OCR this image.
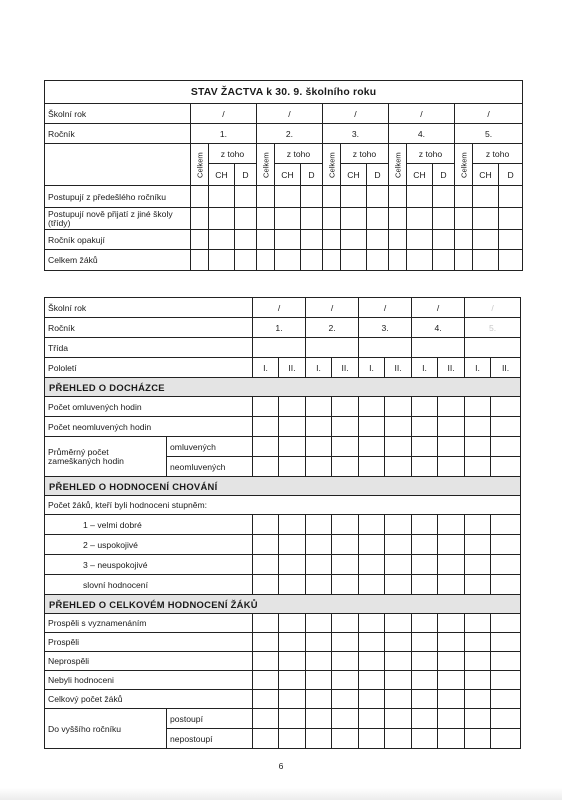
STAV ŽACTVA k 30. 9. školního roku															
Školní rok	/			/			/			/			/		
Ročník	1.			2.			3.			4.			5.		

Celkem	z toho		Celkem	z toho		Celkem	z toho		Celkem	z toho		Celkem	z toho	
		CH	D		CH	D		CH	D		CH	D		CH	D
Postupují z předešlého ročníku															
Postupují nově přijatí z jiné školy (třídy)															
Ročník opakují															
Celkem žáků															
Školní rok		/		/		/		/		/	
Ročník		1.		2.		3.		4.		5.	
Třída											
Pololetí		I.	II.	I.	II.	I.	II.	I.	II.	I.	II.
PŘEHLED O DOCHÁZCE											
Počet omluvených hodin											
Počet neomluvených hodin											
Průměrný počet zameškaných hodin	omluvených										
	neomluvených										
PŘEHLED O HODNOCENÍ CHOVÁNÍ											
Počet žáků, kteří byli hodnoceni stupněm:											
1 – velmi dobré											
2 – uspokojivé											
3 – neuspokojivé											
slovní hodnocení											
PŘEHLED O CELKOVÉM HODNOCENÍ ŽÁKŮ											
Prospěli s vyznamenáním											
Prospěli											
Neprospěli											
Nebyli hodnoceni											
Celkový počet žáků											
Do vyššího ročníku	postoupí										
	nepostoupí										
6
